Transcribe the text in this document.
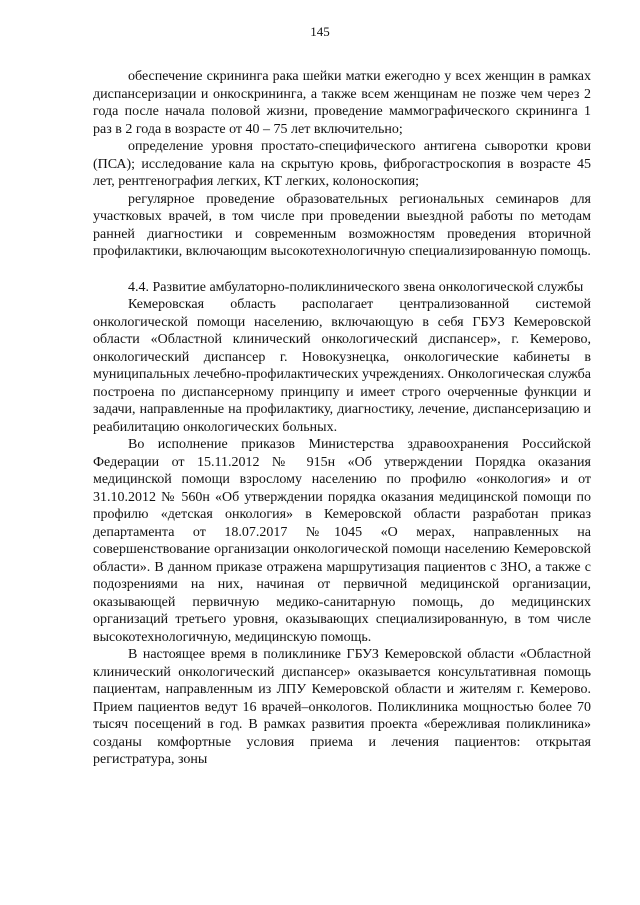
145

обеспечение скрининга рака шейки матки ежегодно у всех женщин в рамках диспансеризации и онкоскрининга, а также всем женщинам не позже чем через 2 года после начала половой жизни, проведение маммографического скрининга 1 раз в 2 года в возрасте от 40 – 75 лет включительно;

определение уровня простато-специфического антигена сыворотки крови (ПСА); исследование кала на скрытую кровь, фиброгастроскопия в возрасте 45 лет, рентгенография легких, КТ легких, колоноскопия;

регулярное проведение образовательных региональных семинаров для участковых врачей, в том числе при проведении выездной работы по методам ранней диагностики и современным возможностям проведения вторичной профилактики, включающим высокотехнологичную специализированную помощь.

4.4. Развитие амбулаторно-поликлинического звена онкологической службы

Кемеровская область располагает централизованной системой онкологической помощи населению, включающую в себя ГБУЗ Кемеровской области «Областной клинический онкологический диспансер», г. Кемерово, онкологический диспансер г. Новокузнецка, онкологические кабинеты в муниципальных лечебно-профилактических учреждениях. Онкологическая служба построена по диспансерному принципу и имеет строго очерченные функции и задачи, направленные на профилактику, диагностику, лечение, диспансеризацию и реабилитацию онкологических больных.

Во исполнение приказов Министерства здравоохранения Российской Федерации от 15.11.2012 № 915н «Об утверждении Порядка оказания медицинской помощи взрослому населению по профилю «онкология» и от 31.10.2012 № 560н «Об утверждении порядка оказания медицинской помощи по профилю «детская онкология» в Кемеровской области разработан приказ департамента от 18.07.2017 №1045 «О мерах, направленных на совершенствование организации онкологической помощи населению Кемеровской области». В данном приказе отражена маршрутизация пациентов с ЗНО, а также с подозрениями на них, начиная от первичной медицинской организации, оказывающей первичную медико-санитарную помощь, до медицинских организаций третьего уровня, оказывающих специализированную, в том числе высокотехнологичную, медицинскую помощь.

В настоящее время в поликлинике ГБУЗ Кемеровской области «Областной клинический онкологический диспансер» оказывается консультативная помощь пациентам, направленным из ЛПУ Кемеровской области и жителям г. Кемерово. Прием пациентов ведут 16 врачей–онкологов. Поликлиника мощностью более 70 тысяч посещений в год. В рамках развития проекта «бережливая поликлиника» созданы комфортные условия приема и лечения пациентов: открытая регистратура, зоны
